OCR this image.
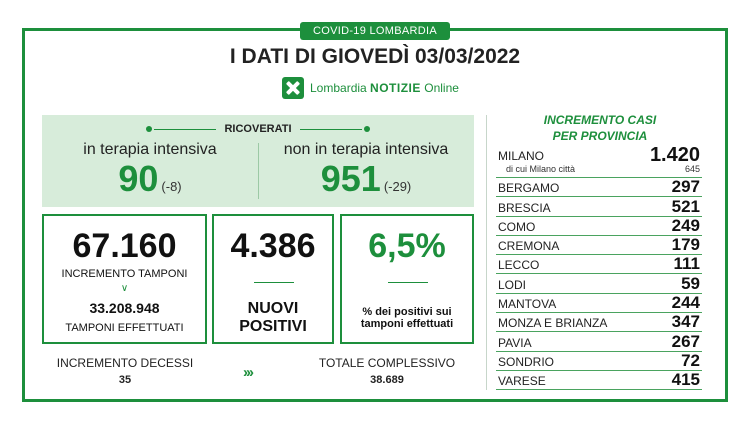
COVID-19 LOMBARDIA
I DATI DI GIOVEDÌ 03/03/2022
Lombardia NOTIZIE Online
RICOVERATI
in terapia intensiva
90 (-8)
non in terapia intensiva
951 (-29)
67.160
INCREMENTO TAMPONI
∨
33.208.948
TAMPONI EFFETTUATI
4.386
NUOVI
POSITIVI
6,5%
% dei positivi sui
tamponi effettuati
INCREMENTO DECESSI
35	›››
TOTALE COMPLESSIVO
38.689
INCREMENTO CASI
PER PROVINCIA
MILANO	1.420
di cui Milano città	645
BERGAMO	297
BRESCIA	521
COMO	249
CREMONA	179
LECCO	111
LODI	59
MANTOVA	244
MONZA E BRIANZA	347
PAVIA	267
SONDRIO	72
VARESE	415
